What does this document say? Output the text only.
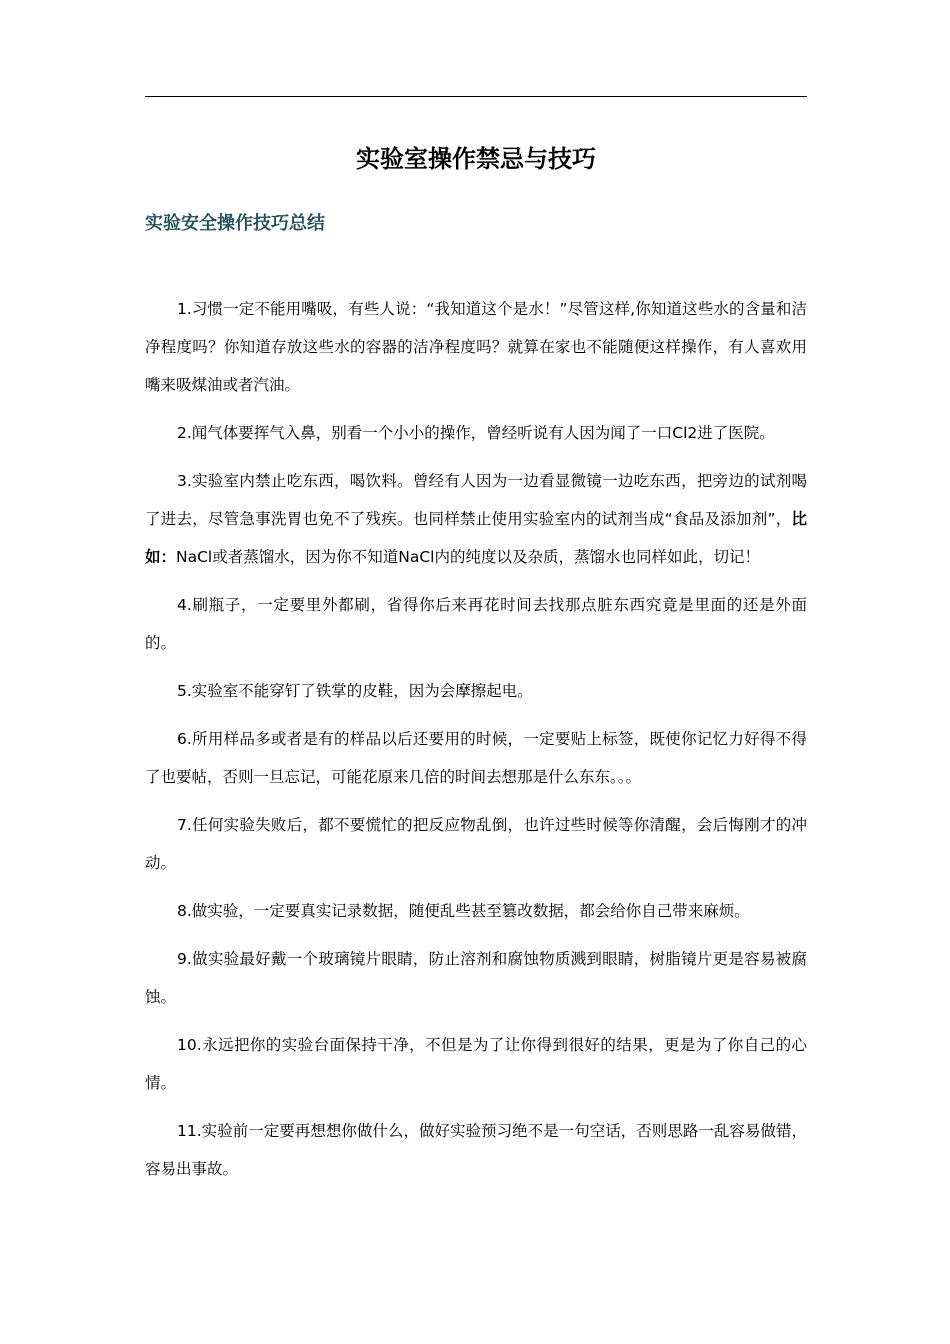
实验室操作禁忌与技巧
实验安全操作技巧总结

1.习惯一定不能用嘴吸，有些人说：“我知道这个是水！”尽管这样,你知道这些水的含量和洁净程度吗？你知道存放这些水的容器的洁净程度吗？就算在家也不能随便这样操作，有人喜欢用嘴来吸煤油或者汽油。

2.闻气体要挥气入鼻，别看一个小小的操作，曾经听说有人因为闻了一口Cl2进了医院。

3.实验室内禁止吃东西，喝饮料。曾经有人因为一边看显微镜一边吃东西，把旁边的试剂喝了进去，尽管急事洗胃也免不了残疾。也同样禁止使用实验室内的试剂当成“食品及添加剂”，比如：NaCl或者蒸馏水，因为你不知道NaCl内的纯度以及杂质，蒸馏水也同样如此，切记！

4.刷瓶子，一定要里外都刷，省得你后来再花时间去找那点脏东西究竟是里面的还是外面的。

5.实验室不能穿钉了铁掌的皮鞋，因为会摩擦起电。

6.所用样品多或者是有的样品以后还要用的时候，一定要贴上标签，既使你记忆力好得不得了也要帖，否则一旦忘记，可能花原来几倍的时间去想那是什么东东。。。

7.任何实验失败后，都不要慌忙的把反应物乱倒，也许过些时候等你清醒，会后悔刚才的冲动。

8.做实验，一定要真实记录数据，随便乱些甚至篡改数据，都会给你自己带来麻烦。

9.做实验最好戴一个玻璃镜片眼睛，防止溶剂和腐蚀物质溅到眼睛，树脂镜片更是容易被腐蚀。

10.永远把你的实验台面保持干净，不但是为了让你得到很好的结果，更是为了你自己的心情。

11.实验前一定要再想想你做什么，做好实验预习绝不是一句空话，否则思路一乱容易做错，容易出事故。
